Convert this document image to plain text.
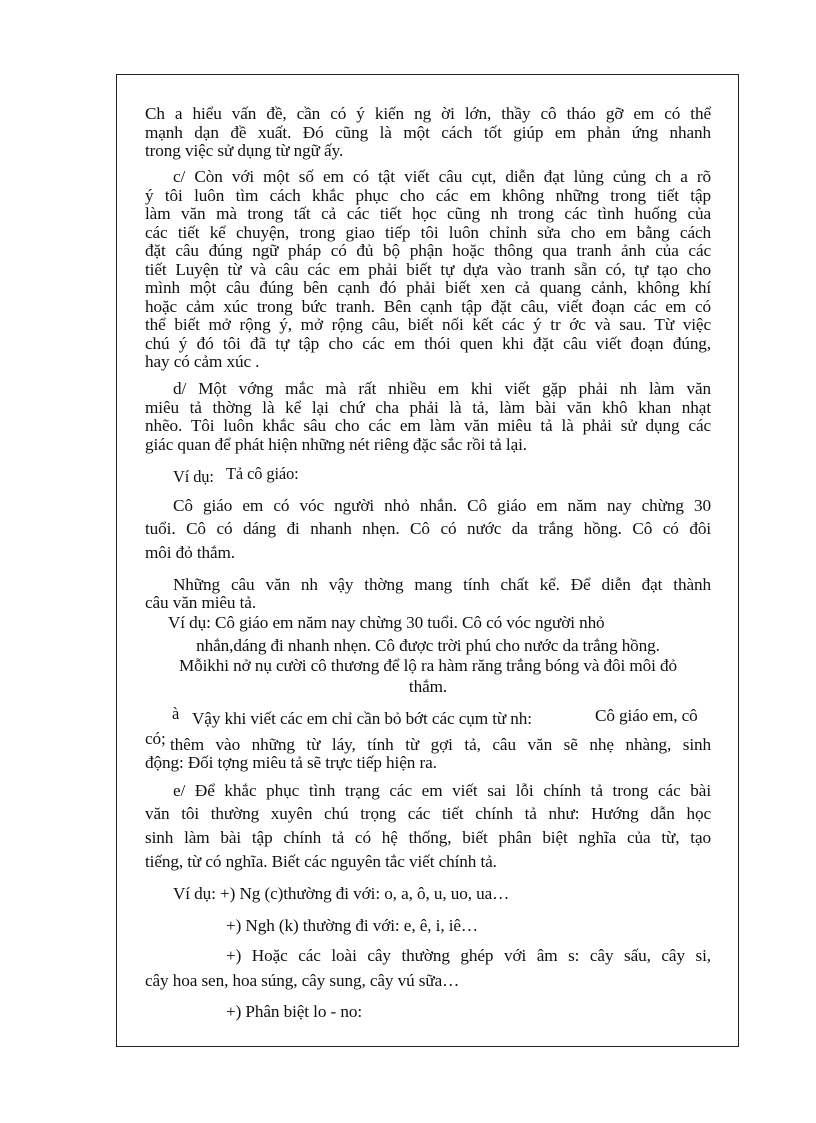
Ch a hiểu vấn đề, cần có ý kiến ng ời lớn, thầy cô tháo gỡ em có thể
mạnh dạn đề xuất. Đó cũng là một cách tốt giúp em phản ứng nhanh
trong việc sử dụng từ ngữ ấy.
c/ Còn với một số em có tật viết câu cụt, diễn đạt lủng củng ch a rõ
ý tôi luôn tìm cách khắc phục cho các em không những trong tiết tập
làm văn mà trong tất cả các tiết học cũng nh trong các tình huống của
các tiết kể chuyện, trong giao tiếp tôi luôn chỉnh sửa cho em bằng cách
đặt câu đúng ngữ pháp có đủ bộ phận hoặc thông qua tranh ảnh của các
tiết Luyện từ và câu các em phải biết tự dựa vào tranh sẵn có, tự tạo cho
mình một câu đúng bên cạnh đó phải biết xen cả quang cảnh, không khí
hoặc cảm xúc trong bức tranh. Bên cạnh tập đặt câu, viết đoạn các em có
thể biết mở rộng ý, mở rộng câu, biết nối kết các ý tr ớc và sau. Từ việc
chú ý đó tôi đã tự tập cho các em thói quen khi đặt câu viết đoạn đúng,
hay có cảm xúc .
d/ Một vớng mắc mà rất nhiều em khi viết gặp phải nh làm văn
miêu tả thờng là kể lại chứ cha phải là tả, làm bài văn khô khan nhạt
nhẽo. Tôi luôn khắc sâu cho các em làm văn miêu tả là phải sử dụng các
giác quan để phát hiện những nét riêng đặc sắc rồi tả lại.
Ví dụ: Tả cô giáo:
Cô giáo em có vóc người nhỏ nhắn. Cô giáo em năm nay chừng 30
tuổi. Cô có dáng đi nhanh nhẹn. Cô có nước da trắng hồng. Cô có đôi
môi đỏ thắm.
Những câu văn nh vậy thờng mang tính chất kể. Để diễn đạt thành
câu văn miêu tả.
Ví dụ: Cô giáo em năm nay chừng 30 tuổi. Cô có vóc người nhỏ
nhắn,dáng đi nhanh nhẹn. Cô được trời phú cho nước da trắng hồng.
Mỗikhi nở nụ cười cô thương để lộ ra hàm răng trắng bóng và đôi môi đỏ
thắm.
à Vậy khi viết các em chỉ cần bỏ bớt các cụm từ nh:	Cô giáo em, cô
có; thêm vào những từ láy, tính từ gợi tả, câu văn sẽ nhẹ nhàng, sinh
động: Đối tợng miêu tả sẽ trực tiếp hiện ra.
e/ Để khắc phục tình trạng các em viết sai lỗi chính tả trong các bài
văn tôi thường xuyên chú trọng các tiết chính tả như: Hướng dẫn học
sinh làm bài tập chính tả có hệ thống, biết phân biệt nghĩa của từ, tạo
tiếng, từ có nghĩa. Biết các nguyên tắc viết chính tả.
Ví dụ: +) Ng (c)thường đi với: o, a, ô, u, uo, ua…
+) Ngh (k) thường đi với: e, ê, i, iê…
+) Hoặc các loài cây thường ghép với âm s: cây sấu, cây si,
cây hoa sen, hoa súng, cây sung, cây vú sữa…
+) Phân biệt lo - no:
